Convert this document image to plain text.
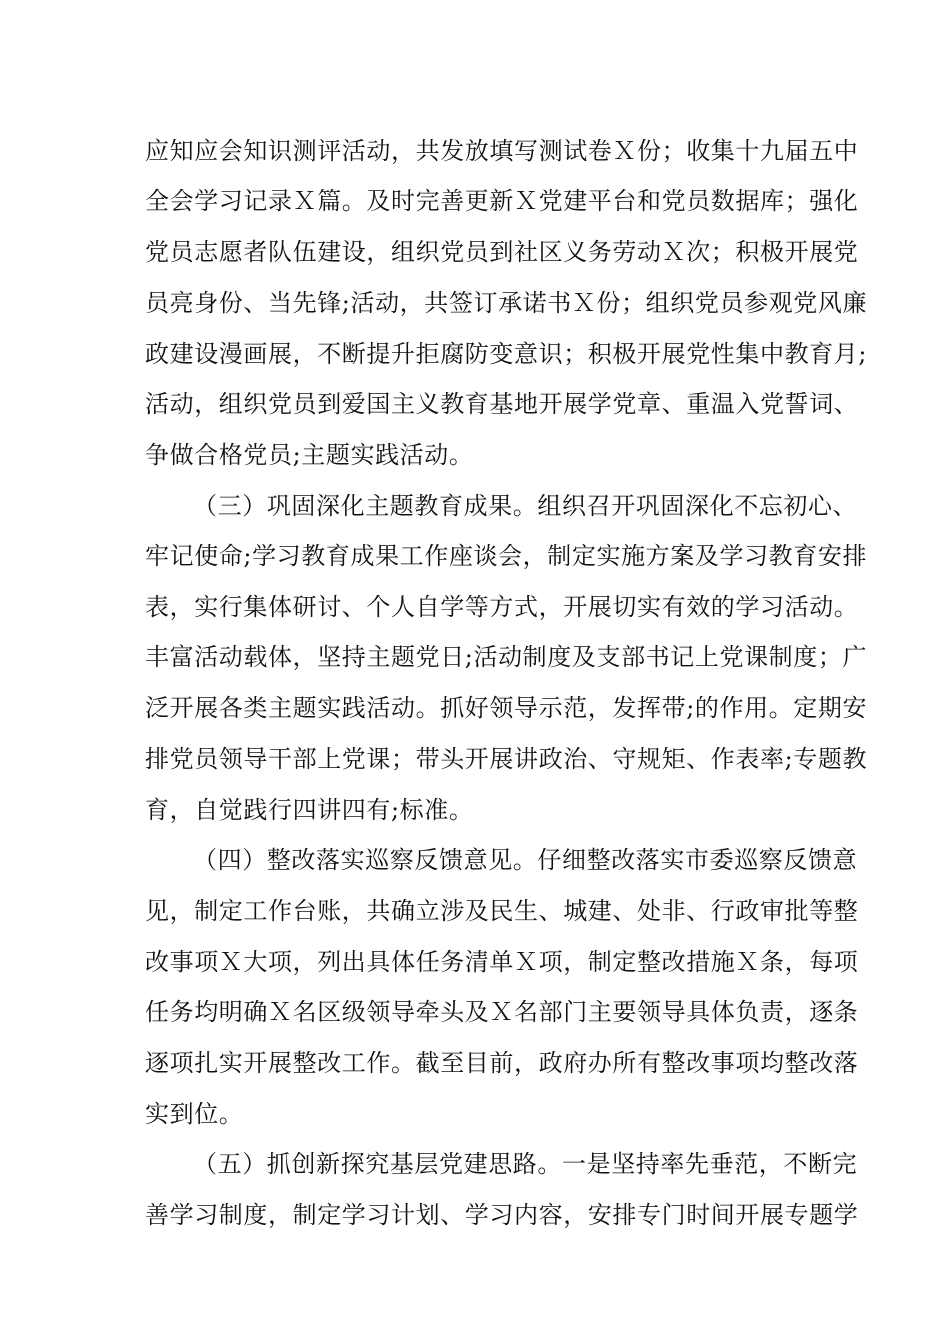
应知应会知识测评活动，共发放填写测试卷Ｘ份；收集十九届五中
全会学习记录Ｘ篇。及时完善更新Ｘ党建平台和党员数据库；强化
党员志愿者队伍建设，组织党员到社区义务劳动Ｘ次；积极开展党
员亮身份、当先锋;活动，共签订承诺书Ｘ份；组织党员参观党风廉
政建设漫画展，不断提升拒腐防变意识；积极开展党性集中教育月;
活动，组织党员到爱国主义教育基地开展学党章、重温入党誓词、
争做合格党员;主题实践活动。
（三）巩固深化主题教育成果。组织召开巩固深化不忘初心、
牢记使命;学习教育成果工作座谈会，制定实施方案及学习教育安排
表，实行集体研讨、个人自学等方式，开展切实有效的学习活动。
丰富活动载体，坚持主题党日;活动制度及支部书记上党课制度；广
泛开展各类主题实践活动。抓好领导示范，发挥带;的作用。定期安
排党员领导干部上党课；带头开展讲政治、守规矩、作表率;专题教
育，自觉践行四讲四有;标准。
（四）整改落实巡察反馈意见。仔细整改落实市委巡察反馈意
见，制定工作台账，共确立涉及民生、城建、处非、行政审批等整
改事项Ｘ大项，列出具体任务清单Ｘ项，制定整改措施Ｘ条，每项
任务均明确Ｘ名区级领导牵头及Ｘ名部门主要领导具体负责，逐条
逐项扎实开展整改工作。截至目前，政府办所有整改事项均整改落
实到位。
（五）抓创新探究基层党建思路。一是坚持率先垂范，不断完
善学习制度，制定学习计划、学习内容，安排专门时间开展专题学
